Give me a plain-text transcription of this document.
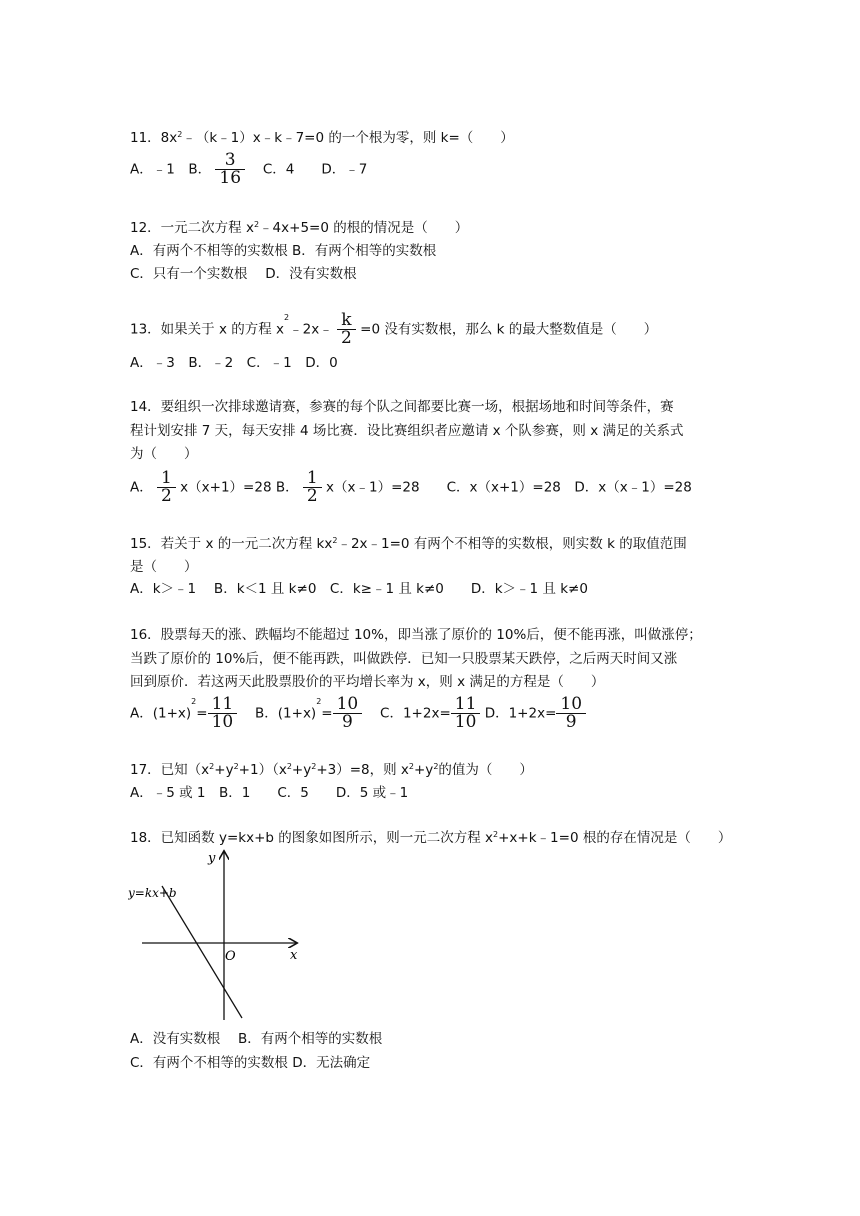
11．$8x^2﹣(k﹣1)x﹣k﹣7=0$ 的一个根为零，则 k=（　　）
A．﹣1　B． $\frac{3}{16}$ 　C．4　　D．﹣7
12．一元二次方程 $x^2﹣4x+5=0$ 的根的情况是（　　）
A．有两个不相等的实数根 B．有两个相等的实数根
C．只有一个实数根　 D．没有实数根
13．如果关于 x 的方程 $x^2﹣2x﹣ \frac{k}{2} =0$ 没有实数根，那么 k 的最大整数值是（　　）
A．﹣3　B．﹣2　C．﹣1　D．0
14．要组织一次排球邀请赛，参赛的每个队之间都要比赛一场，根据场地和时间等条件，赛
程计划安排 7 天，每天安排 4 场比赛．设比赛组织者应邀请 x 个队参赛，则 x 满足的关系式
为（　　）
A． $\frac{1}{2} x(x+1)=28$ B． $\frac{1}{2}$ x（x﹣1）=28　　C．x（x+1）=28　D．x（x﹣1）=28
15．若关于 x 的一元二次方程 $kx^2﹣2x﹣1=0$ 有两个不相等的实数根，则实数 k 的取值范围
是（　　）
A．k＞﹣1　 B．k＜1 且 k≠0　C．k≥﹣1 且 k≠0　　D．k＞﹣1 且 k≠0
16．股票每天的涨、跌幅均不能超过 10%，即当涨了原价的 10%后，便不能再涨，叫做涨停；
当跌了原价的 10%后，便不能再跌，叫做跌停．已知一只股票某天跌停，之后两天时间又涨
回到原价．若这两天此股票股价的平均增长率为 x，则 x 满足的方程是（　　）
A．$(1+x)^2= \frac{11}{10}$ 　B．$(1+x)^2= \frac{10}{9}$ 　C．$1+2x= \frac{11}{10}$ D．$1+2x= \frac{10}{9}$
17．已知$(x^2+y^2+1)(x^2+y^2+3)=8$，则 $x^2+y^2$的值为（　　）
A．﹣5 或 1　B．1　　C．5　　D．5 或﹣1
18．已知函数 y=kx+b 的图象如图所示，则一元二次方程 $x^2+x+k﹣1=0$ 根的存在情况是（　　）
y=kx+b
y
x
O
A．没有实数根　 B．有两个相等的实数根
C．有两个不相等的实数根 D．无法确定
